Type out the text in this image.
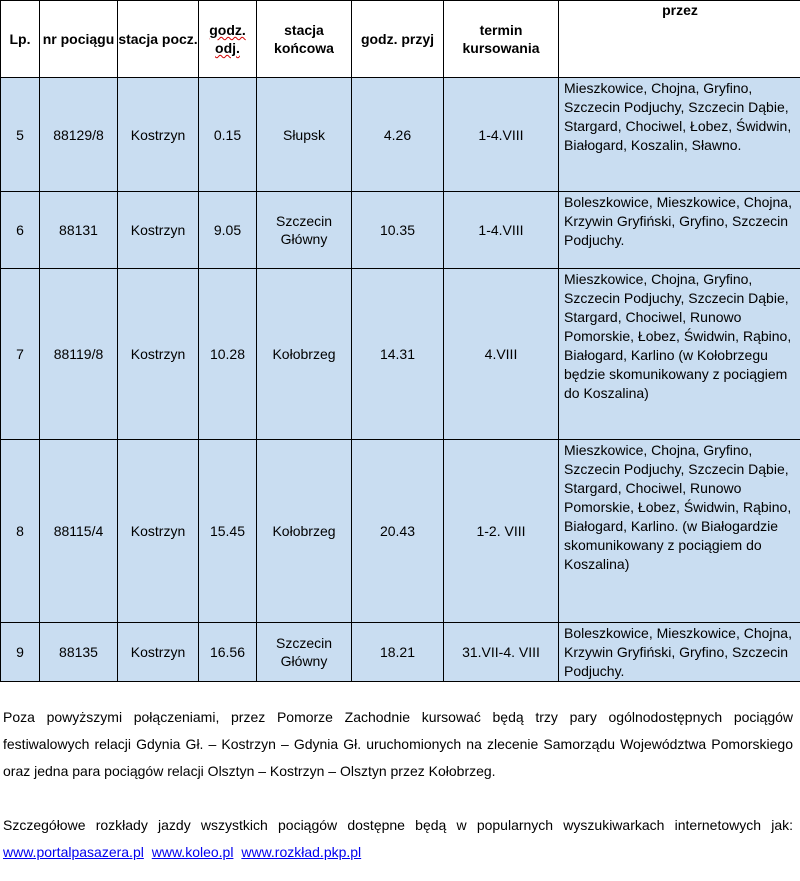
Lp.	nr pociągu	stacja pocz.	godz. odj.	stacja końcowa	godz. przyj	termin kursowania	przez
5	88129/8	Kostrzyn	0.15	Słupsk	4.26	1-4.VIII	Mieszkowice, Chojna, Gryfino, Szczecin Podjuchy, Szczecin Dąbie, Stargard, Chociwel, Łobez, Świdwin, Białogard, Koszalin, Sławno.
6	88131	Kostrzyn	9.05	Szczecin Główny	10.35	1-4.VIII	Boleszkowice, Mieszkowice, Chojna, Krzywin Gryfiński, Gryfino, Szczecin Podjuchy.
7	88119/8	Kostrzyn	10.28	Kołobrzeg	14.31	4.VIII	Mieszkowice, Chojna, Gryfino, Szczecin Podjuchy, Szczecin Dąbie, Stargard, Chociwel, Runowo Pomorskie, Łobez, Świdwin, Rąbino, Białogard, Karlino (w Kołobrzegu będzie skomunikowany z pociągiem do Koszalina)
8	88115/4	Kostrzyn	15.45	Kołobrzeg	20.43	1-2. VIII	Mieszkowice, Chojna, Gryfino, Szczecin Podjuchy, Szczecin Dąbie, Stargard, Chociwel, Runowo Pomorskie, Łobez, Świdwin, Rąbino, Białogard, Karlino. (w Białogardzie skomunikowany z pociągiem do Koszalina)
9	88135	Kostrzyn	16.56	Szczecin Główny	18.21	31.VII-4. VIII	Boleszkowice, Mieszkowice, Chojna, Krzywin Gryfiński, Gryfino, Szczecin Podjuchy.

Poza powyższymi połączeniami, przez Pomorze Zachodnie kursować będą trzy pary ogólnodostępnych pociągów festiwalowych relacji Gdynia Gł. – Kostrzyn – Gdynia Gł. uruchomionych na zlecenie Samorządu Województwa Pomorskiego oraz jedna para pociągów relacji Olsztyn – Kostrzyn – Olsztyn przez Kołobrzeg.

Szczegółowe rozkłady jazdy wszystkich pociągów dostępne będą w popularnych wyszukiwarkach internetowych jak: www.portalpasazera.pl www.koleo.pl www.rozkład.pkp.pl
